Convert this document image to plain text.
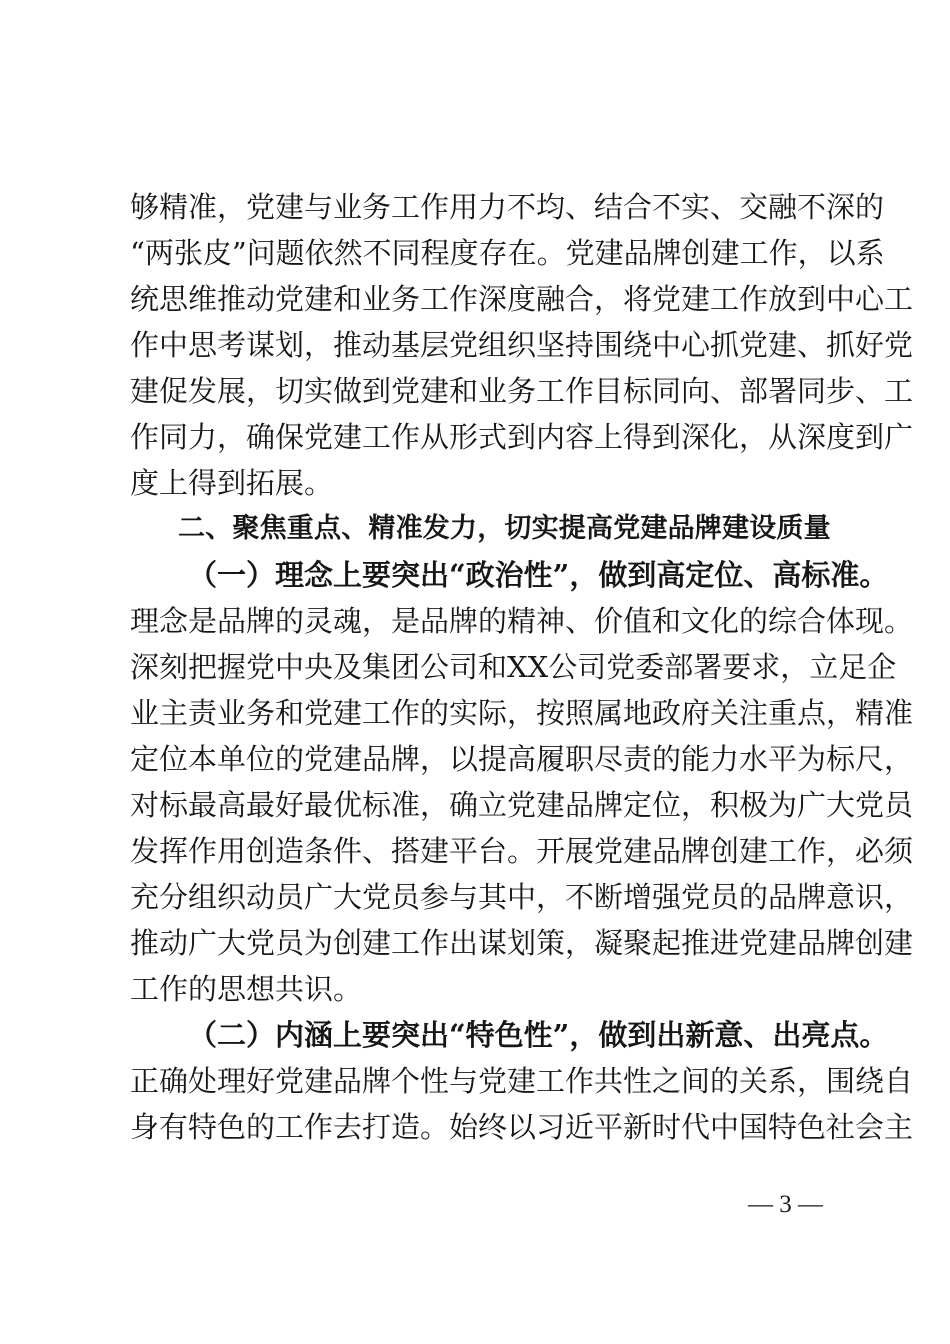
够精准，党建与业务工作用力不均、结合不实、交融不深的
“两张皮”问题依然不同程度存在。党建品牌创建工作，以系
统思维推动党建和业务工作深度融合，将党建工作放到中心工
作中思考谋划，推动基层党组织坚持围绕中心抓党建、抓好党
建促发展，切实做到党建和业务工作目标同向、部署同步、工
作同力，确保党建工作从形式到内容上得到深化，从深度到广
度上得到拓展。
二、聚焦重点、精准发力，切实提高党建品牌建设质量
（一）理念上要突出“政治性”，做到高定位、高标准。
理念是品牌的灵魂，是品牌的精神、价值和文化的综合体现。
深刻把握党中央及集团公司和XX公司党委部署要求，立足企
业主责业务和党建工作的实际，按照属地政府关注重点，精准
定位本单位的党建品牌，以提高履职尽责的能力水平为标尺，
对标最高最好最优标准，确立党建品牌定位，积极为广大党员
发挥作用创造条件、搭建平台。开展党建品牌创建工作，必须
充分组织动员广大党员参与其中，不断增强党员的品牌意识，
推动广大党员为创建工作出谋划策，凝聚起推进党建品牌创建
工作的思想共识。
（二）内涵上要突出“特色性”，做到出新意、出亮点。
正确处理好党建品牌个性与党建工作共性之间的关系，围绕自
身有特色的工作去打造。始终以习近平新时代中国特色社会主
— 3 —
